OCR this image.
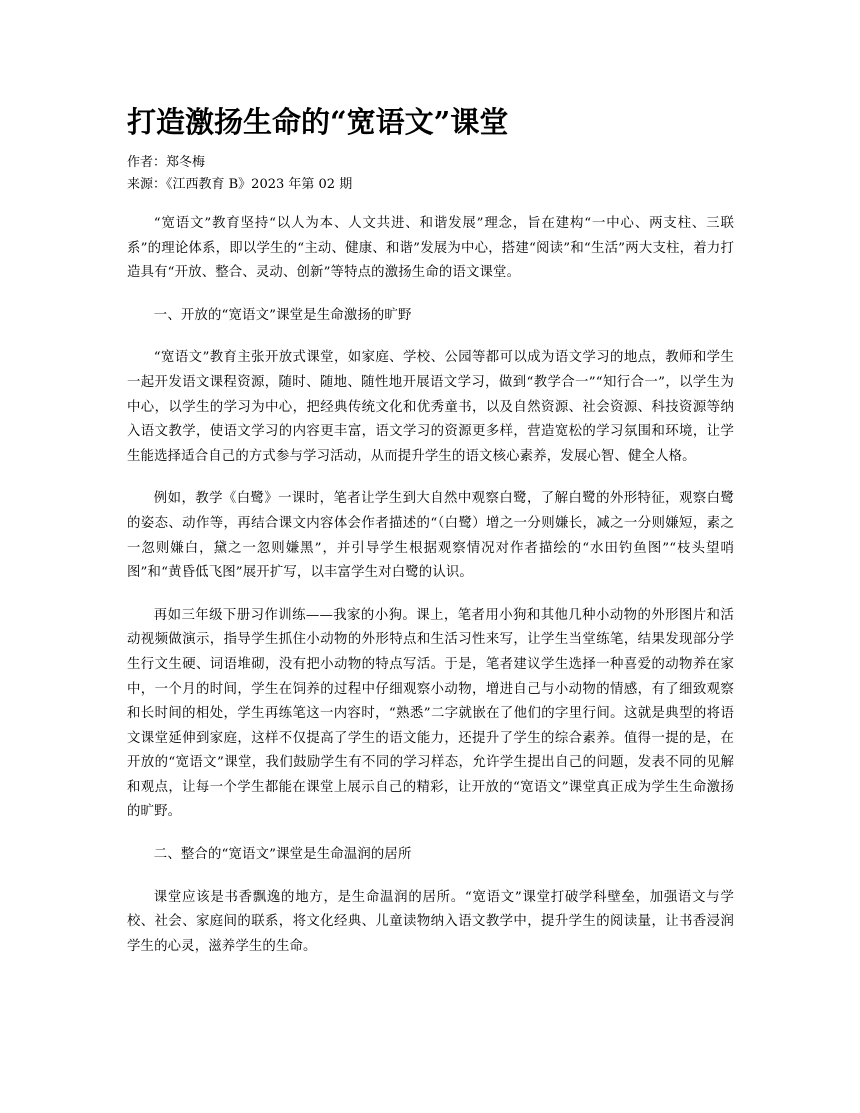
打造激扬生命的“宽语文”课堂

作者：郑冬梅

来源：《江西教育 B》2023 年第 02 期

“宽语文”教育坚持“以人为本、人文共进、和谐发展”理念，旨在建构“一中心、两支柱、三联系”的理论体系，即以学生的“主动、健康、和谐”发展为中心，搭建“阅读”和“生活”两大支柱，着力打造具有“开放、整合、灵动、创新”等特点的激扬生命的语文课堂。

一、开放的“宽语文”课堂是生命激扬的旷野

“宽语文”教育主张开放式课堂，如家庭、学校、公园等都可以成为语文学习的地点，教师和学生一起开发语文课程资源，随时、随地、随性地开展语文学习，做到“教学合一”“知行合一”，以学生为中心，以学生的学习为中心，把经典传统文化和优秀童书，以及自然资源、社会资源、科技资源等纳入语文教学，使语文学习的内容更丰富，语文学习的资源更多样，营造宽松的学习氛围和环境，让学生能选择适合自己的方式参与学习活动，从而提升学生的语文核心素养，发展心智、健全人格。

例如，教学《白鹭》一课时，笔者让学生到大自然中观察白鹭，了解白鹭的外形特征，观察白鹭的姿态、动作等，再结合课文内容体会作者描述的“（白鹭）增之一分则嫌长，减之一分则嫌短，素之一忽则嫌白，黛之一忽则嫌黑”，并引导学生根据观察情况对作者描绘的“水田钓鱼图”“枝头望哨图”和“黄昏低飞图”展开扩写，以丰富学生对白鹭的认识。

再如三年级下册习作训练——我家的小狗。课上，笔者用小狗和其他几种小动物的外形图片和活动视频做演示，指导学生抓住小动物的外形特点和生活习性来写，让学生当堂练笔，结果发现部分学生行文生硬、词语堆砌，没有把小动物的特点写活。于是，笔者建议学生选择一种喜爱的动物养在家中，一个月的时间，学生在饲养的过程中仔细观察小动物，增进自己与小动物的情感，有了细致观察和长时间的相处，学生再练笔这一内容时，“熟悉”二字就嵌在了他们的字里行间。这就是典型的将语文课堂延伸到家庭，这样不仅提高了学生的语文能力，还提升了学生的综合素养。值得一提的是，在开放的“宽语文”课堂，我们鼓励学生有不同的学习样态，允许学生提出自己的问题，发表不同的见解和观点，让每一个学生都能在课堂上展示自己的精彩，让开放的“宽语文”课堂真正成为学生生命激扬的旷野。

二、整合的“宽语文”课堂是生命温润的居所

课堂应该是书香飘逸的地方，是生命温润的居所。“宽语文”课堂打破学科壁垒，加强语文与学校、社会、家庭间的联系，将文化经典、儿童读物纳入语文教学中，提升学生的阅读量，让书香浸润学生的心灵，滋养学生的生命。
